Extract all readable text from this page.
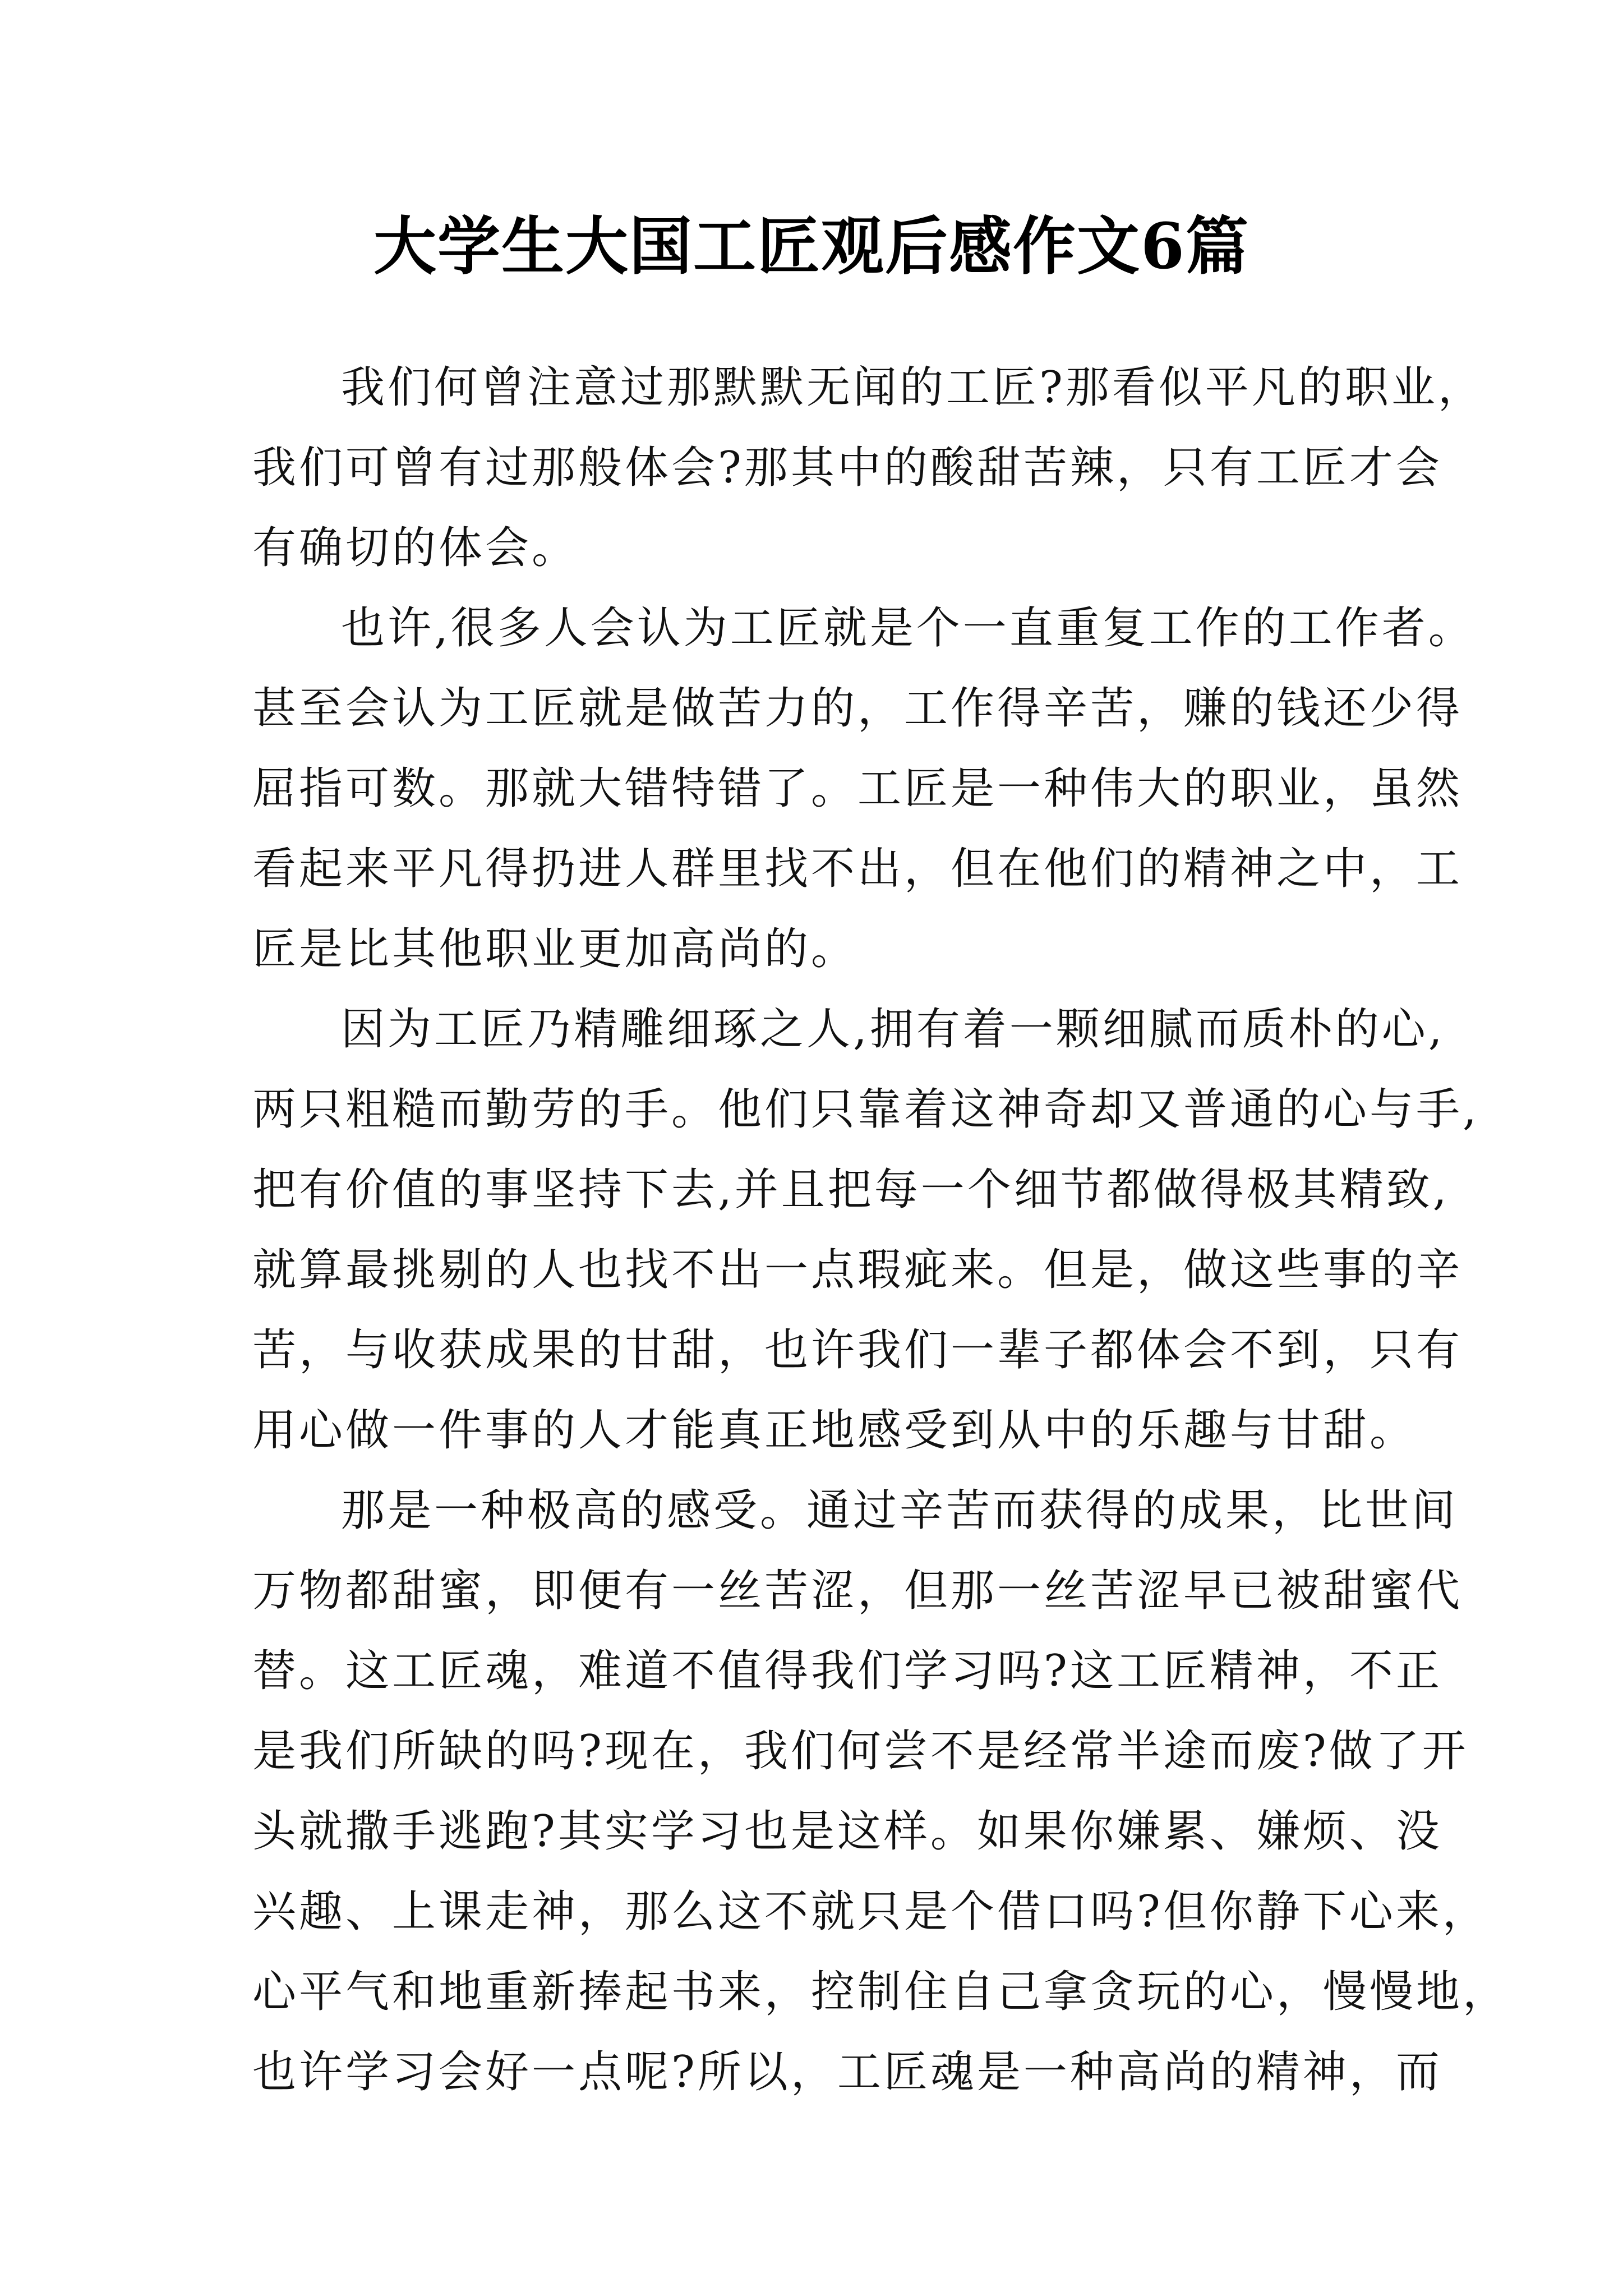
大学生大国工匠观后感作文6篇
我们何曾注意过那默默无闻的工匠?那看似平凡的职业，
我们可曾有过那般体会?那其中的酸甜苦辣，只有工匠才会
有确切的体会。
也许,很多人会认为工匠就是个一直重复工作的工作者。
甚至会认为工匠就是做苦力的，工作得辛苦，赚的钱还少得
屈指可数。那就大错特错了。工匠是一种伟大的职业，虽然
看起来平凡得扔进人群里找不出，但在他们的精神之中，工
匠是比其他职业更加高尚的。
因为工匠乃精雕细琢之人,拥有着一颗细腻而质朴的心,
两只粗糙而勤劳的手。他们只靠着这神奇却又普通的心与手,
把有价值的事坚持下去,并且把每一个细节都做得极其精致,
就算最挑剔的人也找不出一点瑕疵来。但是，做这些事的辛
苦，与收获成果的甘甜，也许我们一辈子都体会不到，只有
用心做一件事的人才能真正地感受到从中的乐趣与甘甜。
那是一种极高的感受。通过辛苦而获得的成果，比世间
万物都甜蜜，即便有一丝苦涩，但那一丝苦涩早已被甜蜜代
替。这工匠魂，难道不值得我们学习吗?这工匠精神，不正
是我们所缺的吗?现在，我们何尝不是经常半途而废?做了开
头就撒手逃跑?其实学习也是这样。如果你嫌累、嫌烦、没
兴趣、上课走神，那么这不就只是个借口吗?但你静下心来，
心平气和地重新捧起书来，控制住自己拿贪玩的心，慢慢地，
也许学习会好一点呢?所以，工匠魂是一种高尚的精神，而
